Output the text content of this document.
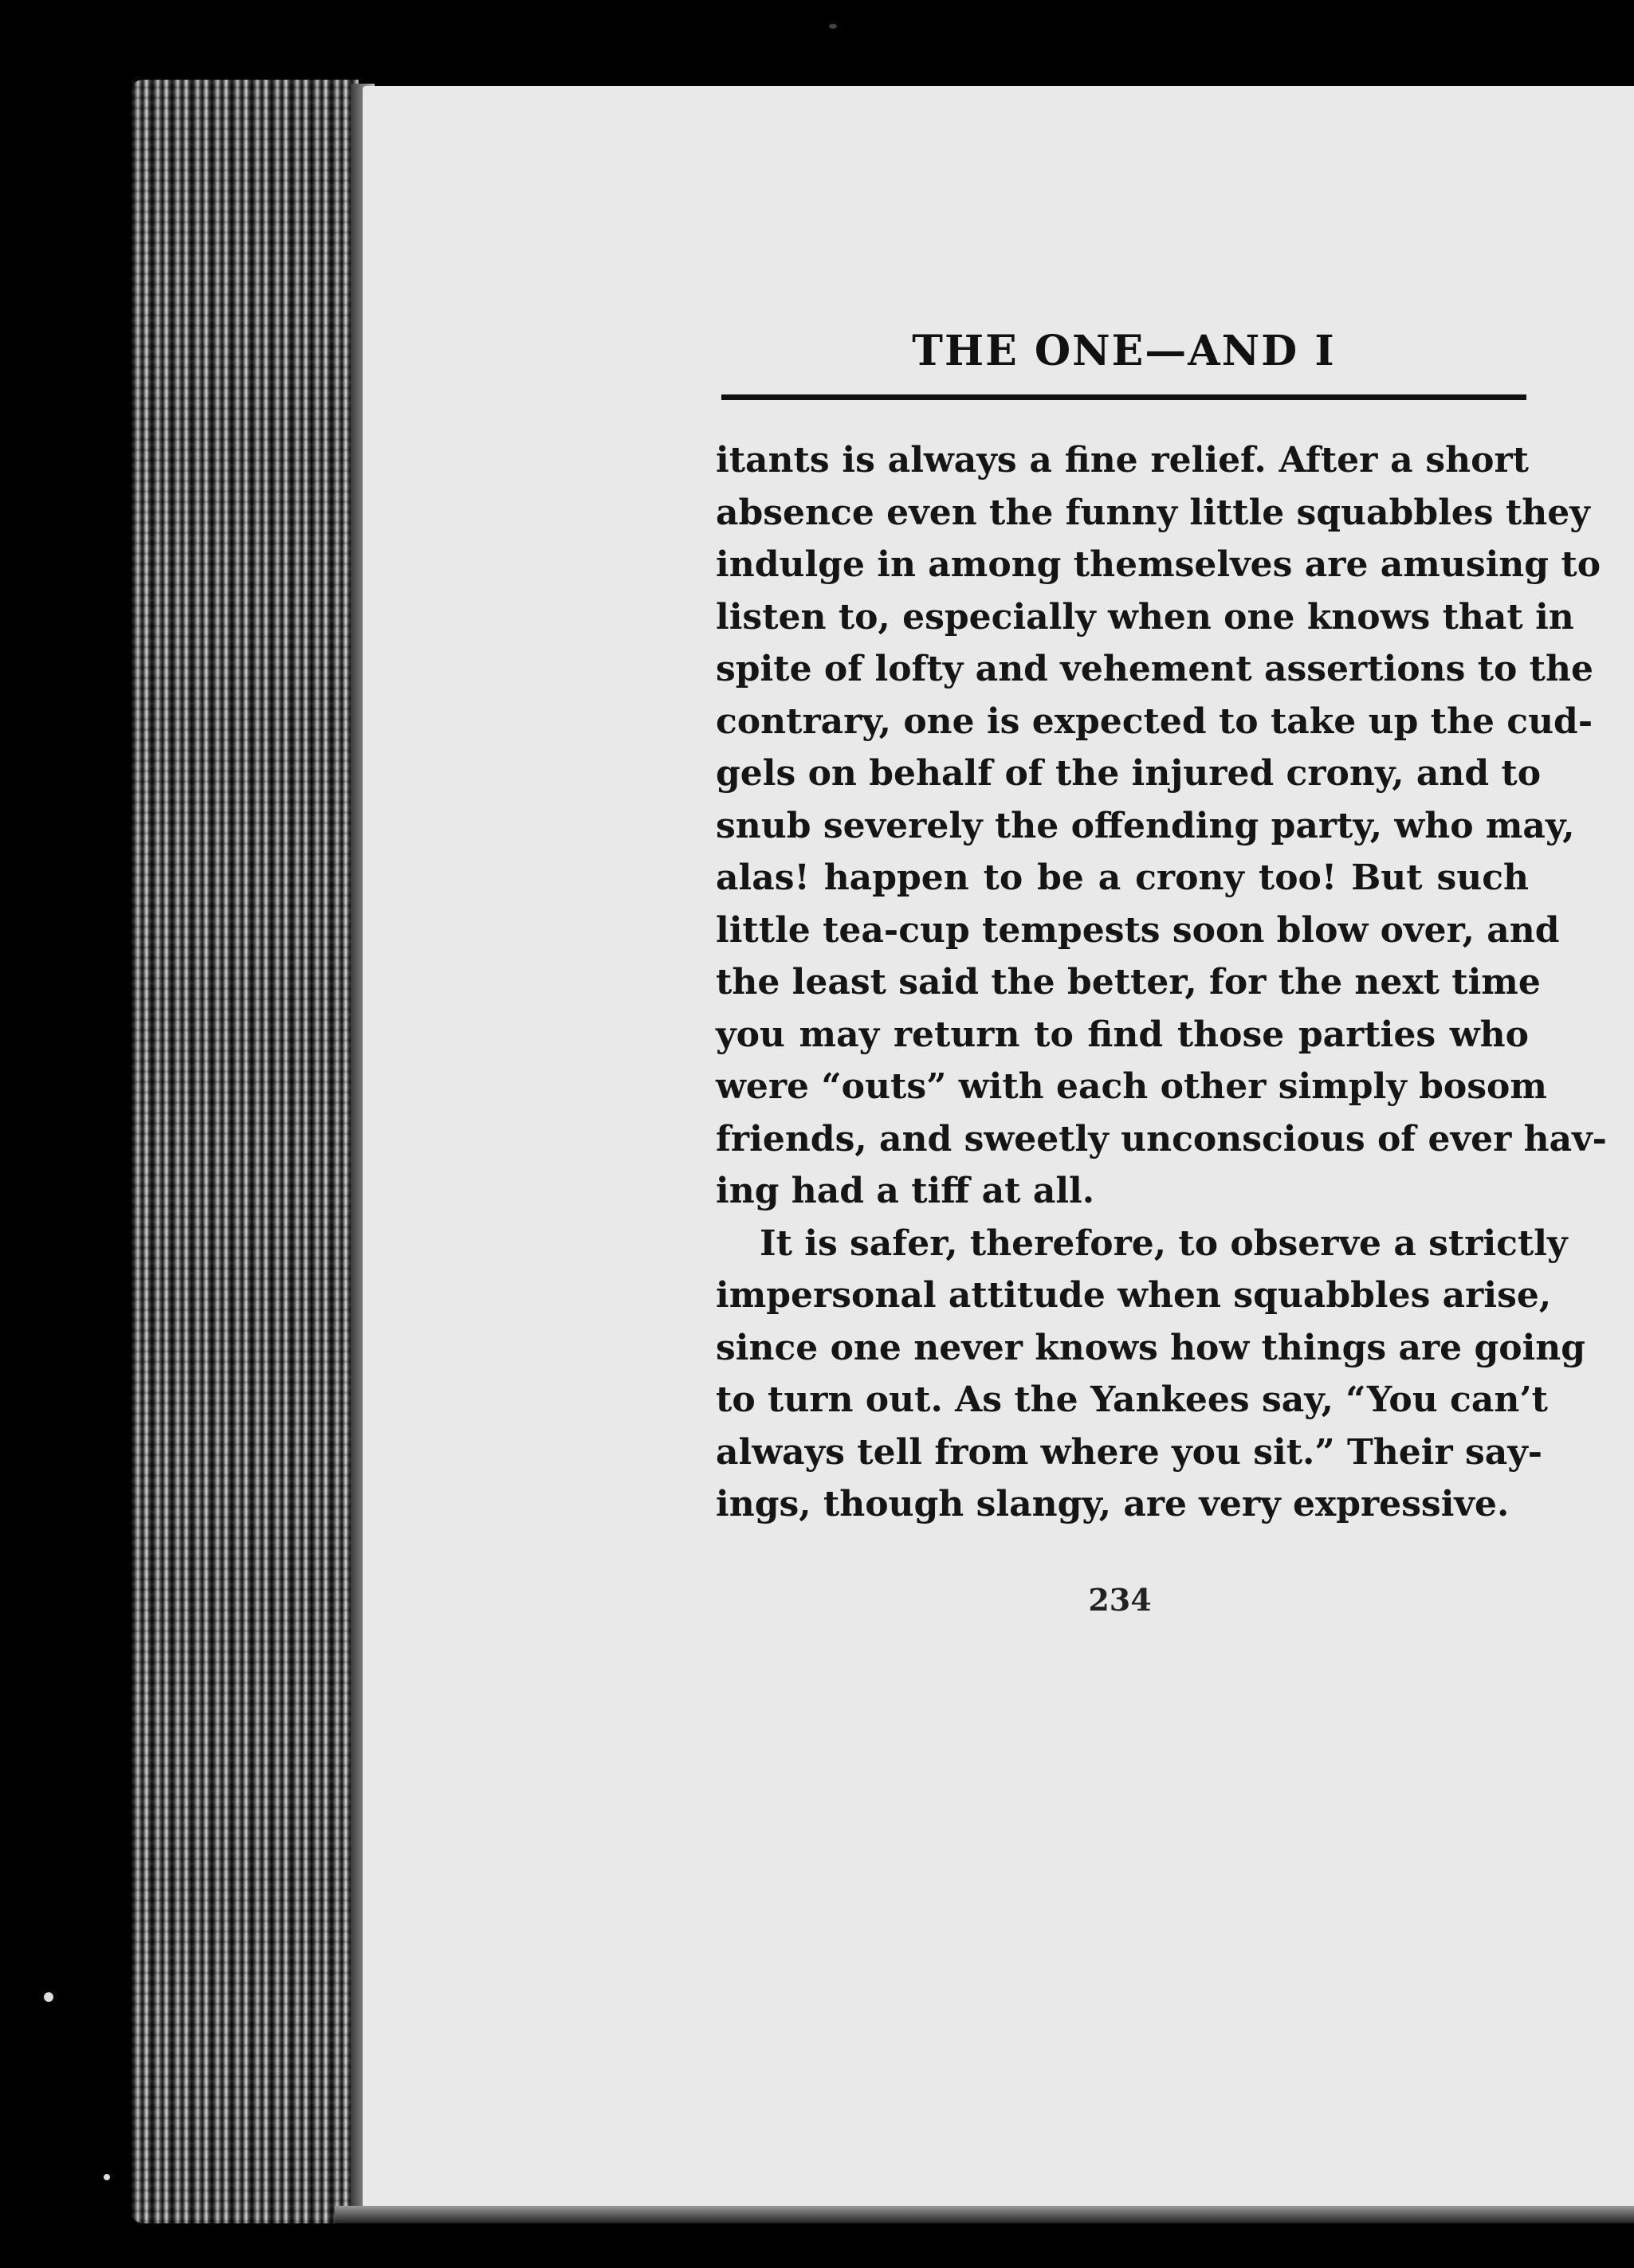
THE ONE—AND I
itants is always a fine relief. After a short
absence even the funny little squabbles they
indulge in among themselves are amusing to
listen to, especially when one knows that in
spite of lofty and vehement assertions to the
contrary, one is expected to take up the cud-
gels on behalf of the injured crony, and to
snub severely the offending party, who may,
alas! happen to be a crony too! But such
little tea-cup tempests soon blow over, and
the least said the better, for the next time
you may return to find those parties who
were “outs” with each other simply bosom
friends, and sweetly unconscious of ever hav-
ing had a tiff at all.
It is safer, therefore, to observe a strictly
impersonal attitude when squabbles arise,
since one never knows how things are going
to turn out. As the Yankees say, “You can’t
always tell from where you sit.” Their say-
ings, though slangy, are very expressive.
234
